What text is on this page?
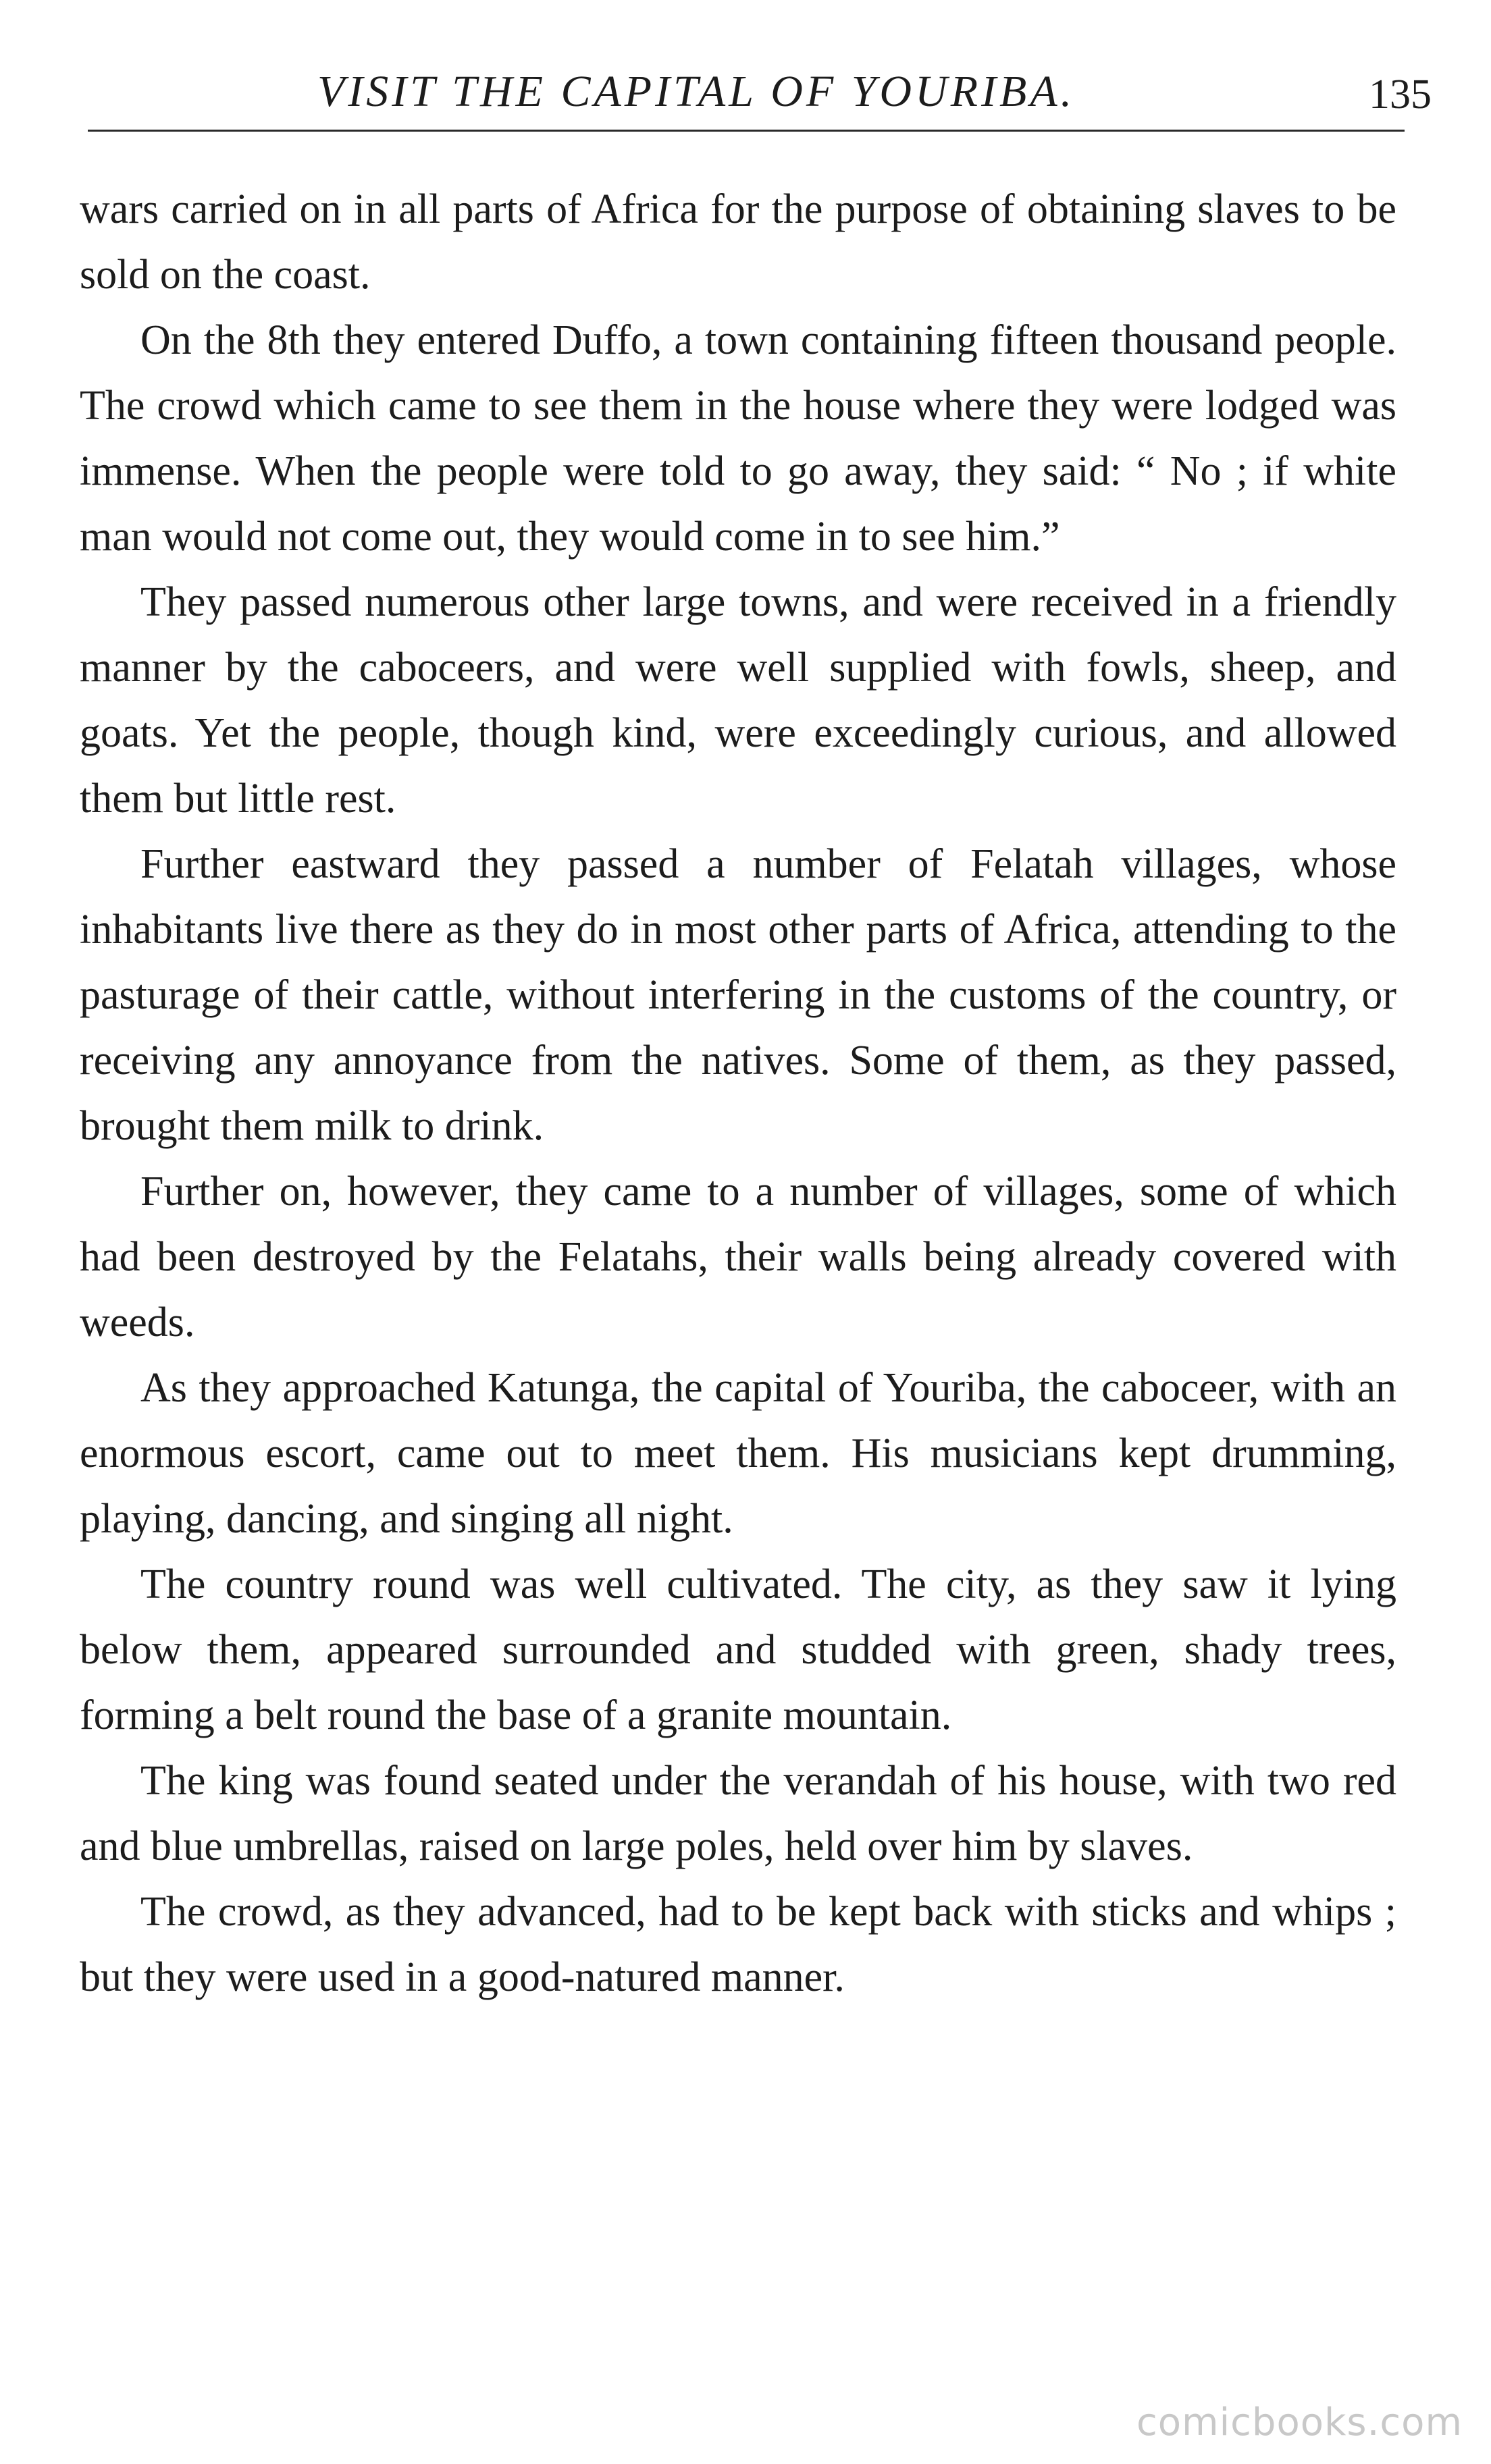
VISIT THE CAPITAL OF YOURIBA.	135

wars carried on in all parts of Africa for the purpose of obtaining slaves to be sold on the coast.

On the 8th they entered Duffo, a town containing fifteen thousand people. The crowd which came to see them in the house where they were lodged was immense. When the people were told to go away, they said: “ No ; if white man would not come out, they would come in to see him.”

They passed numerous other large towns, and were received in a friendly manner by the caboceers, and were well supplied with fowls, sheep, and goats. Yet the people, though kind, were exceedingly curious, and allowed them but little rest.

Further eastward they passed a number of Felatah villages, whose inhabitants live there as they do in most other parts of Africa, attending to the pasturage of their cattle, without interfering in the customs of the country, or receiving any annoyance from the natives. Some of them, as they passed, brought them milk to drink.

Further on, however, they came to a number of villages, some of which had been destroyed by the Felatahs, their walls being already covered with weeds.

As they approached Katunga, the capital of Youriba, the caboceer, with an enormous escort, came out to meet them. His musicians kept drumming, playing, dancing, and singing all night.

The country round was well cultivated. The city, as they saw it lying below them, appeared surrounded and studded with green, shady trees, forming a belt round the base of a granite mountain.

The king was found seated under the verandah of his house, with two red and blue umbrellas, raised on large poles, held over him by slaves.

The crowd, as they advanced, had to be kept back with sticks and whips ; but they were used in a good-natured manner.

comicbooks.com
